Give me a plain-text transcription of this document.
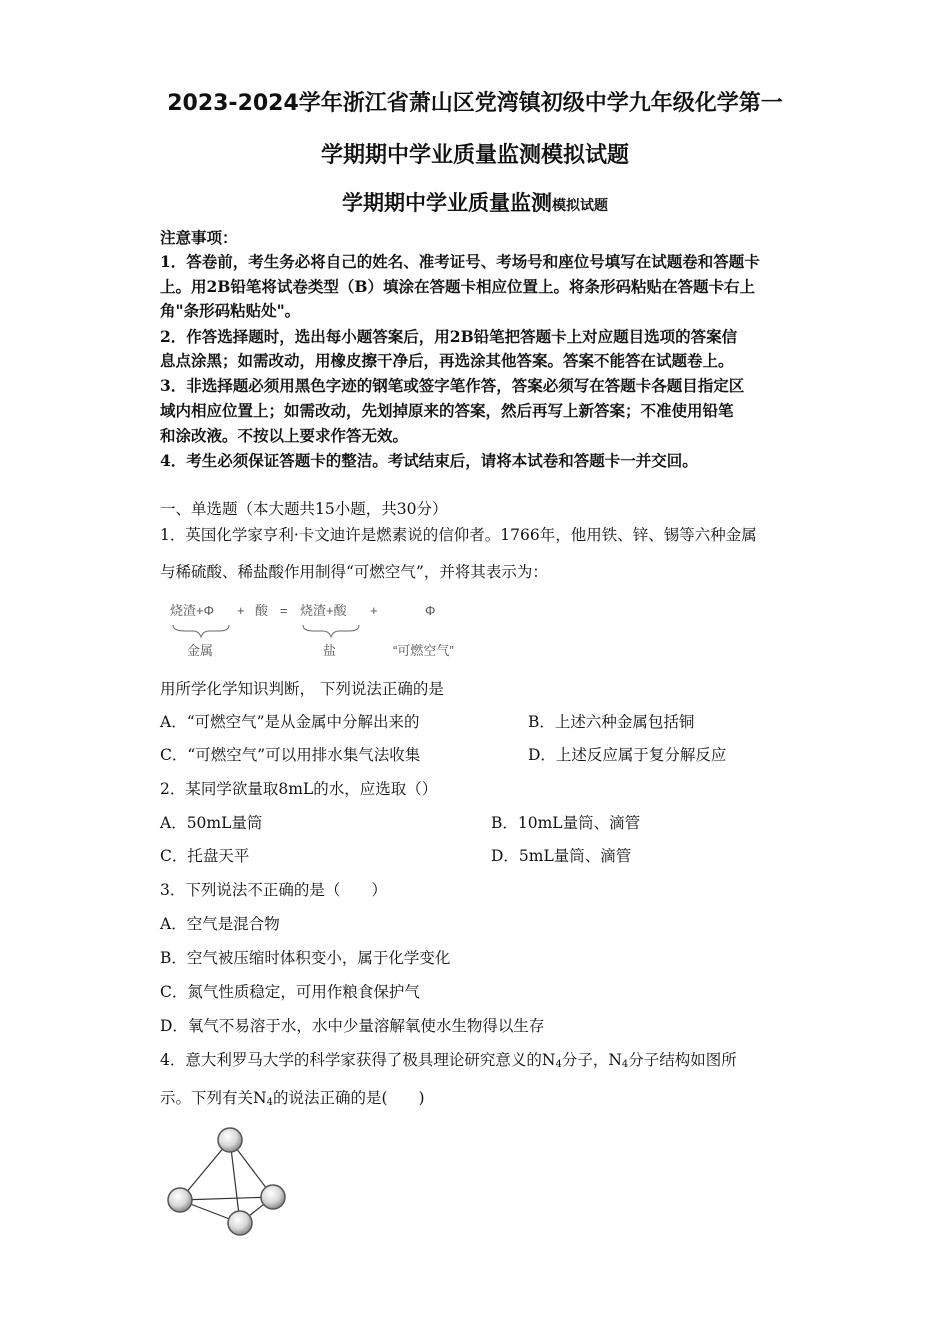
2023-2024学年浙江省萧山区党湾镇初级中学九年级化学第一
学期期中学业质量监测模拟试题
学期期中学业质量监测模拟试题
注意事项：
1．答卷前，考生务必将自己的姓名、准考证号、考场号和座位号填写在试题卷和答题卡
上。用2B铅笔将试卷类型（B）填涂在答题卡相应位置上。将条形码粘贴在答题卡右上
角"条形码粘贴处"。
2．作答选择题时，选出每小题答案后，用2B铅笔把答题卡上对应题目选项的答案信
息点涂黑；如需改动，用橡皮擦干净后，再选涂其他答案。答案不能答在试题卷上。
3．非选择题必须用黑色字迹的钢笔或签字笔作答，答案必须写在答题卡各题目指定区
域内相应位置上；如需改动，先划掉原来的答案，然后再写上新答案；不准使用铅笔
和涂改液。不按以上要求作答无效。
4．考生必须保证答题卡的整洁。考试结束后，请将本试卷和答题卡一并交回。
一、单选题（本大题共15小题，共30分）
1．英国化学家亨利·卡文迪许是燃素说的信仰者。1766年，他用铁、锌、锡等六种金属
与稀硫酸、稀盐酸作用制得“可燃空气”，并将其表示为：
烧渣+Φ + 酸 = 烧渣+酸 +	Φ
金属	盐	“可燃空气”
用所学化学知识判断， 下列说法正确的是
A．“可燃空气”是从金属中分解出来的	B．上述六种金属包括铜
C．“可燃空气”可以用排水集气法收集	D．上述反应属于复分解反应
2．某同学欲量取8mL的水，应选取（）
A．50mL量筒	B．10mL量筒、滴管
C．托盘天平	D．5mL量筒、滴管
3．下列说法不正确的是（　　）
A．空气是混合物
B．空气被压缩时体积变小，属于化学变化
C．氮气性质稳定，可用作粮食保护气
D．氧气不易溶于水，水中少量溶解氧使水生物得以生存
4．意大利罗马大学的科学家获得了极具理论研究意义的$N_4$分子，$N_4$分子结构如图所
示。下列有关$N_4$的说法正确的是(　　)
